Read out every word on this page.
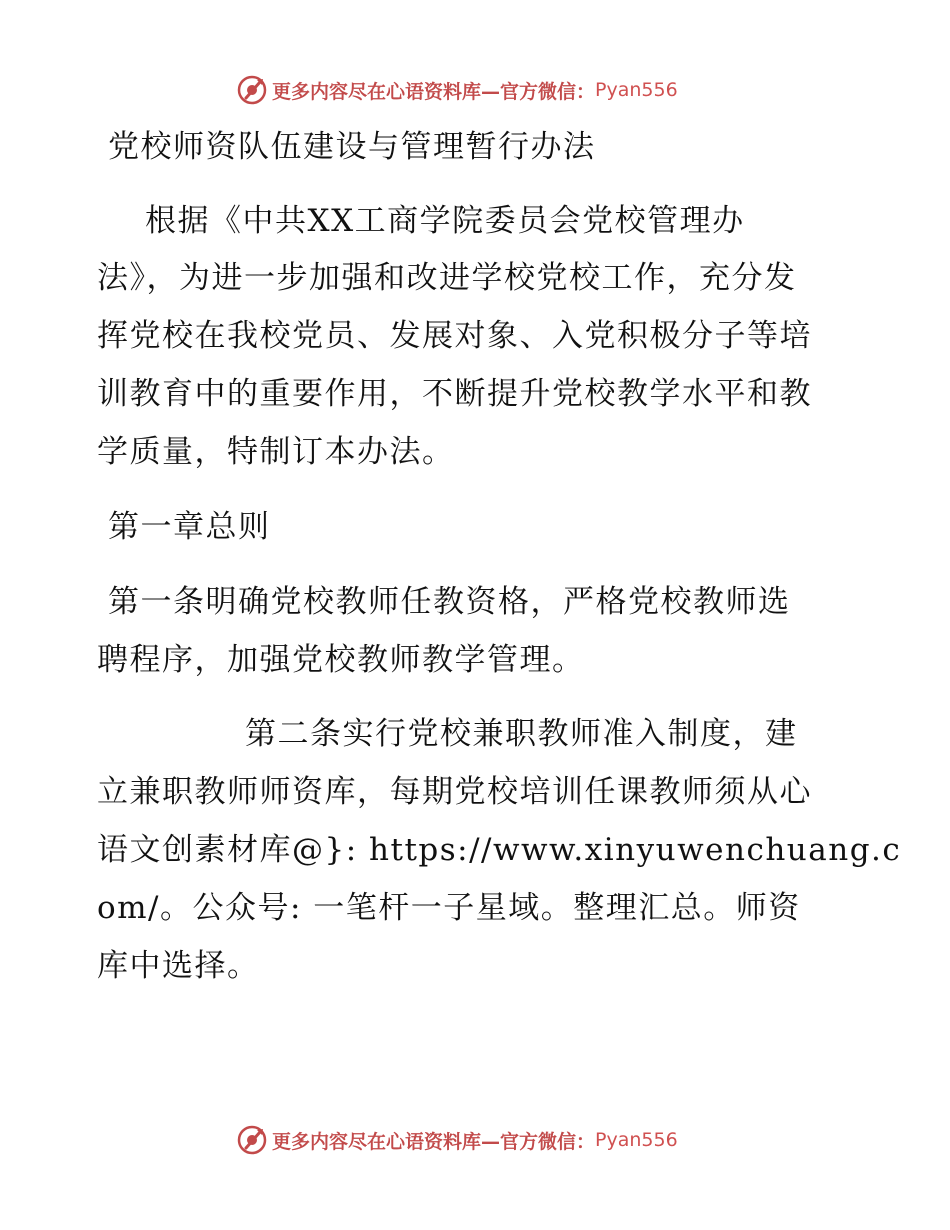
更多内容尽在心语资料库—官方微信： Pyan556
党校师资队伍建设与管理暂行办法
根据《中共XX工商学院委员会党校管理办
法》，为进一步加强和改进学校党校工作，充分发
挥党校在我校党员、发展对象、入党积极分子等培
训教育中的重要作用，不断提升党校教学水平和教
学质量，特制订本办法。
第一章总则
第一条明确党校教师任教资格，严格党校教师选
聘程序，加强党校教师教学管理。
第二条实行党校兼职教师准入制度，建
立兼职教师师资库，每期党校培训任课教师须从心
语文创素材库@}: https://www.xinyuwenchuang.c
om/。公众号: 一笔杆一子星域。整理汇总。师资
库中选择。
更多内容尽在心语资料库—官方微信： Pyan556
